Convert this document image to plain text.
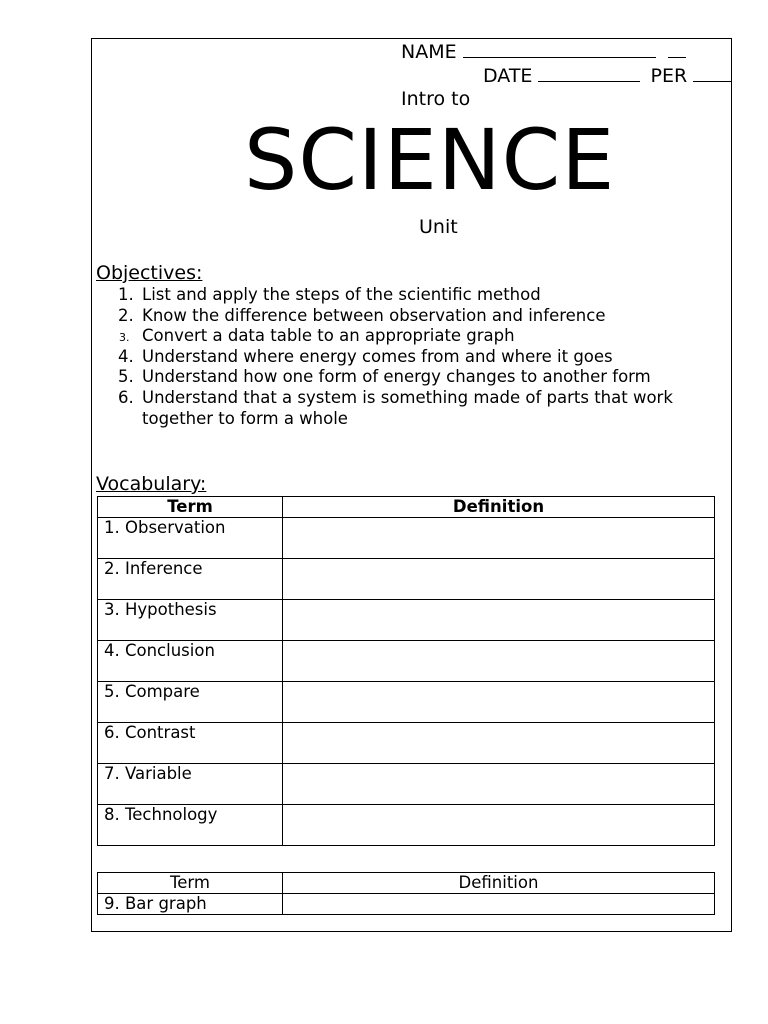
NAME
DATE	PER
Intro to
SCIENCE
Unit
Objectives:
1. List and apply the steps of the scientific method
2. Know the difference between observation and inference
3. Convert a data table to an appropriate graph
4. Understand where energy comes from and where it goes
5. Understand how one form of energy changes to another form
6. Understand that a system is something made of parts that work
together to form a whole
Vocabulary:
Term	Definition
1. Observation	
2. Inference	
3. Hypothesis	
4. Conclusion	
5. Compare	
6. Contrast	
7. Variable	
8. Technology	
Term	Definition
9. Bar graph	
